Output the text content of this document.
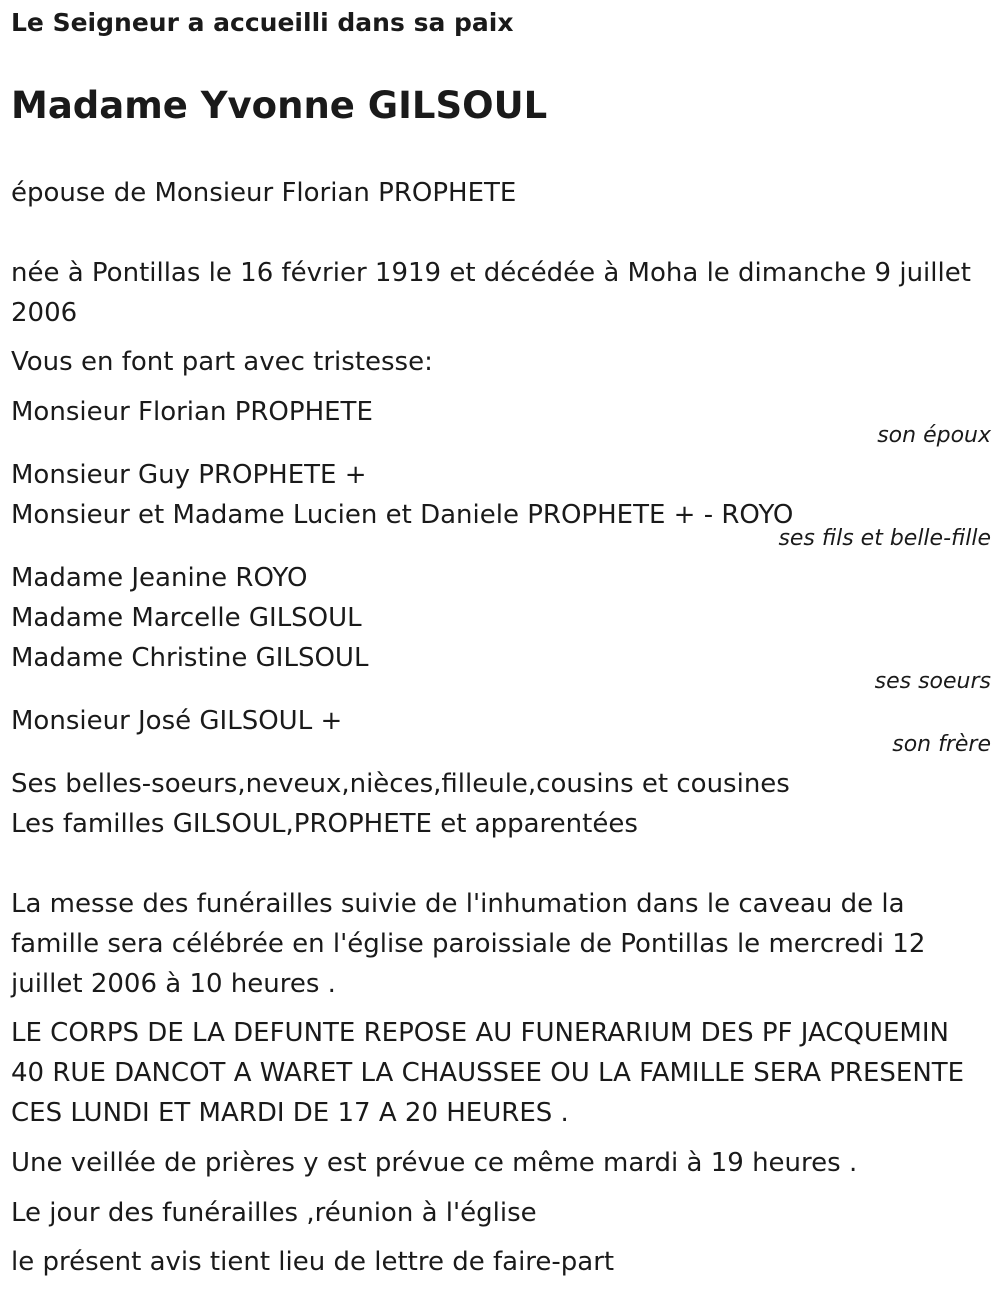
Le Seigneur a accueilli dans sa paix
Madame Yvonne GILSOUL
épouse de Monsieur Florian PROPHETE
née à Pontillas le 16 février 1919 et décédée à Moha le dimanche 9 juillet 2006
Vous en font part avec tristesse:
Monsieur Florian PROPHETE
son époux
Monsieur Guy PROPHETE +
Monsieur et Madame Lucien et Daniele PROPHETE + - ROYO
ses fils et belle-fille
Madame Jeanine ROYO
Madame Marcelle GILSOUL
Madame Christine GILSOUL
ses soeurs
Monsieur José GILSOUL +
son frère
Ses belles-soeurs,neveux,nièces,filleule,cousins et cousines
Les familles GILSOUL,PROPHETE et apparentées
La messe des funérailles suivie de l'inhumation dans le caveau de la famille sera célébrée en l'église paroissiale de Pontillas le mercredi 12 juillet 2006 à 10 heures .
LE CORPS DE LA DEFUNTE REPOSE AU FUNERARIUM DES PF JACQUEMIN 40 RUE DANCOT A WARET LA CHAUSSEE OU LA FAMILLE SERA PRESENTE CES LUNDI ET MARDI DE 17 A 20 HEURES .
Une veillée de prières y est prévue ce même mardi à 19 heures .
Le jour des funérailles ,réunion à l'église
le présent avis tient lieu de lettre de faire-part
